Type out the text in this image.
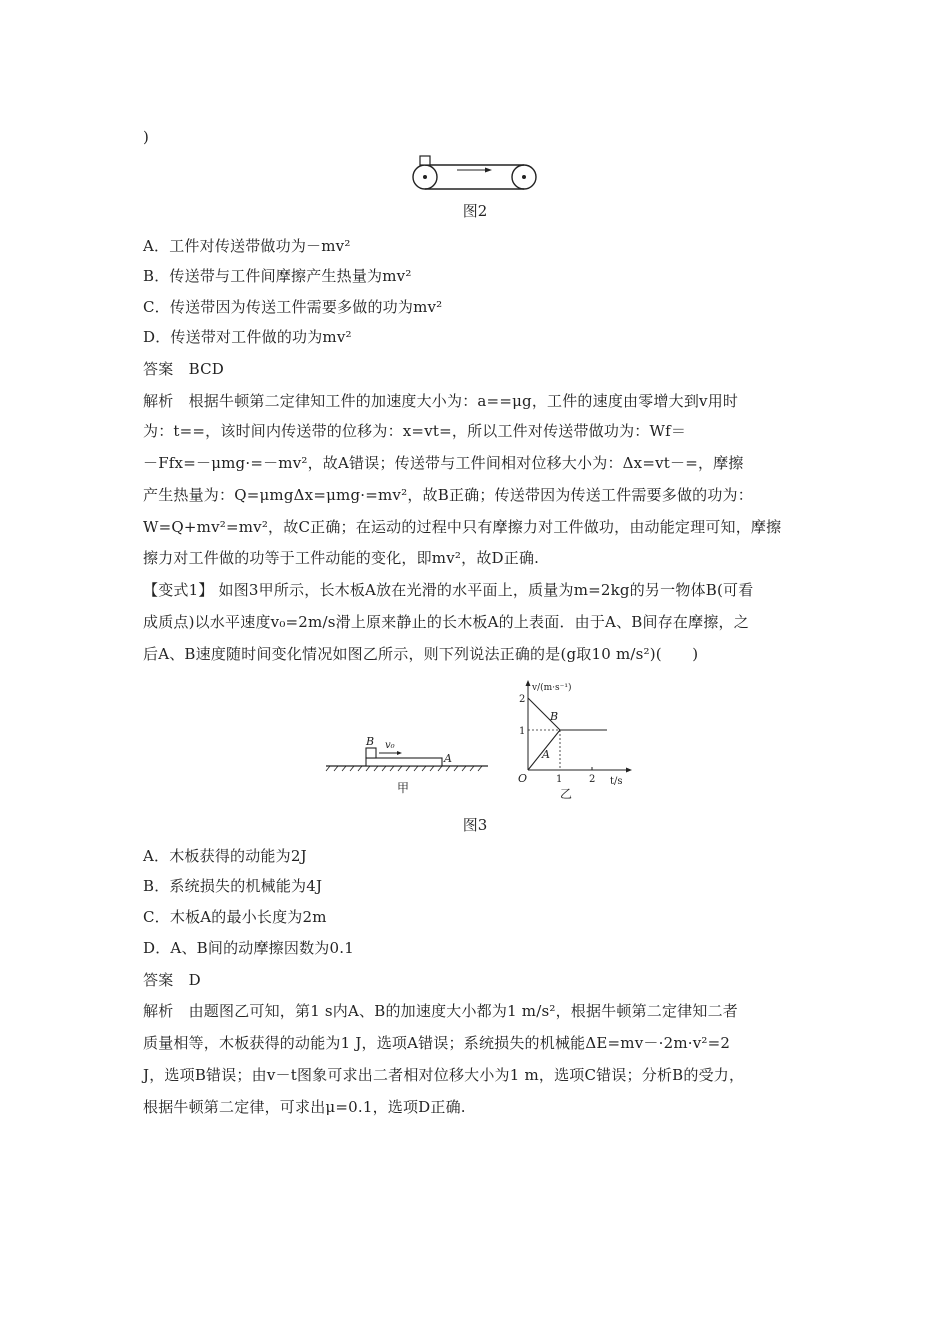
)
图2
A．工件对传送带做功为－mv²
B．传送带与工件间摩擦产生热量为mv²
C．传送带因为传送工件需要多做的功为mv²
D．传送带对工件做的功为mv²
答案　BCD
解析　根据牛顿第二定律知工件的加速度大小为：a==μg，工件的速度由零增大到v用时
为：t==，该时间内传送带的位移为：x=vt=，所以工件对传送带做功为：Wf＝
－Ffx=－μmg·=－mv²，故A错误；传送带与工件间相对位移大小为：Δx=vt－=，摩擦
产生热量为：Q=μmgΔx=μmg·=mv²，故B正确；传送带因为传送工件需要多做的功为：
W=Q+mv²=mv²，故C正确；在运动的过程中只有摩擦力对工件做功，由动能定理可知，摩擦
擦力对工件做的功等于工件动能的变化，即mv²，故D正确.
【变式1】 如图3甲所示，长木板A放在光滑的水平面上，质量为m=2kg的另一物体B(可看
成质点)以水平速度v₀=2m/s滑上原来静止的长木板A的上表面．由于A、B间存在摩擦，之
后A、B速度随时间变化情况如图乙所示，则下列说法正确的是(g取10 m/s²)(　　)
B v₀
A
甲
v/(m·s⁻¹)
t/s
O
2
1
1	2
B
A
乙
图3
A．木板获得的动能为2J
B．系统损失的机械能为4J
C．木板A的最小长度为2m
D．A、B间的动摩擦因数为0.1
答案　D
解析　由题图乙可知，第1 s内A、B的加速度大小都为1 m/s²，根据牛顿第二定律知二者
质量相等，木板获得的动能为1 J，选项A错误；系统损失的机械能ΔE=mv－·2m·v²=2
J，选项B错误；由v－t图象可求出二者相对位移大小为1 m，选项C错误；分析B的受力，
根据牛顿第二定律，可求出μ=0.1，选项D正确.
